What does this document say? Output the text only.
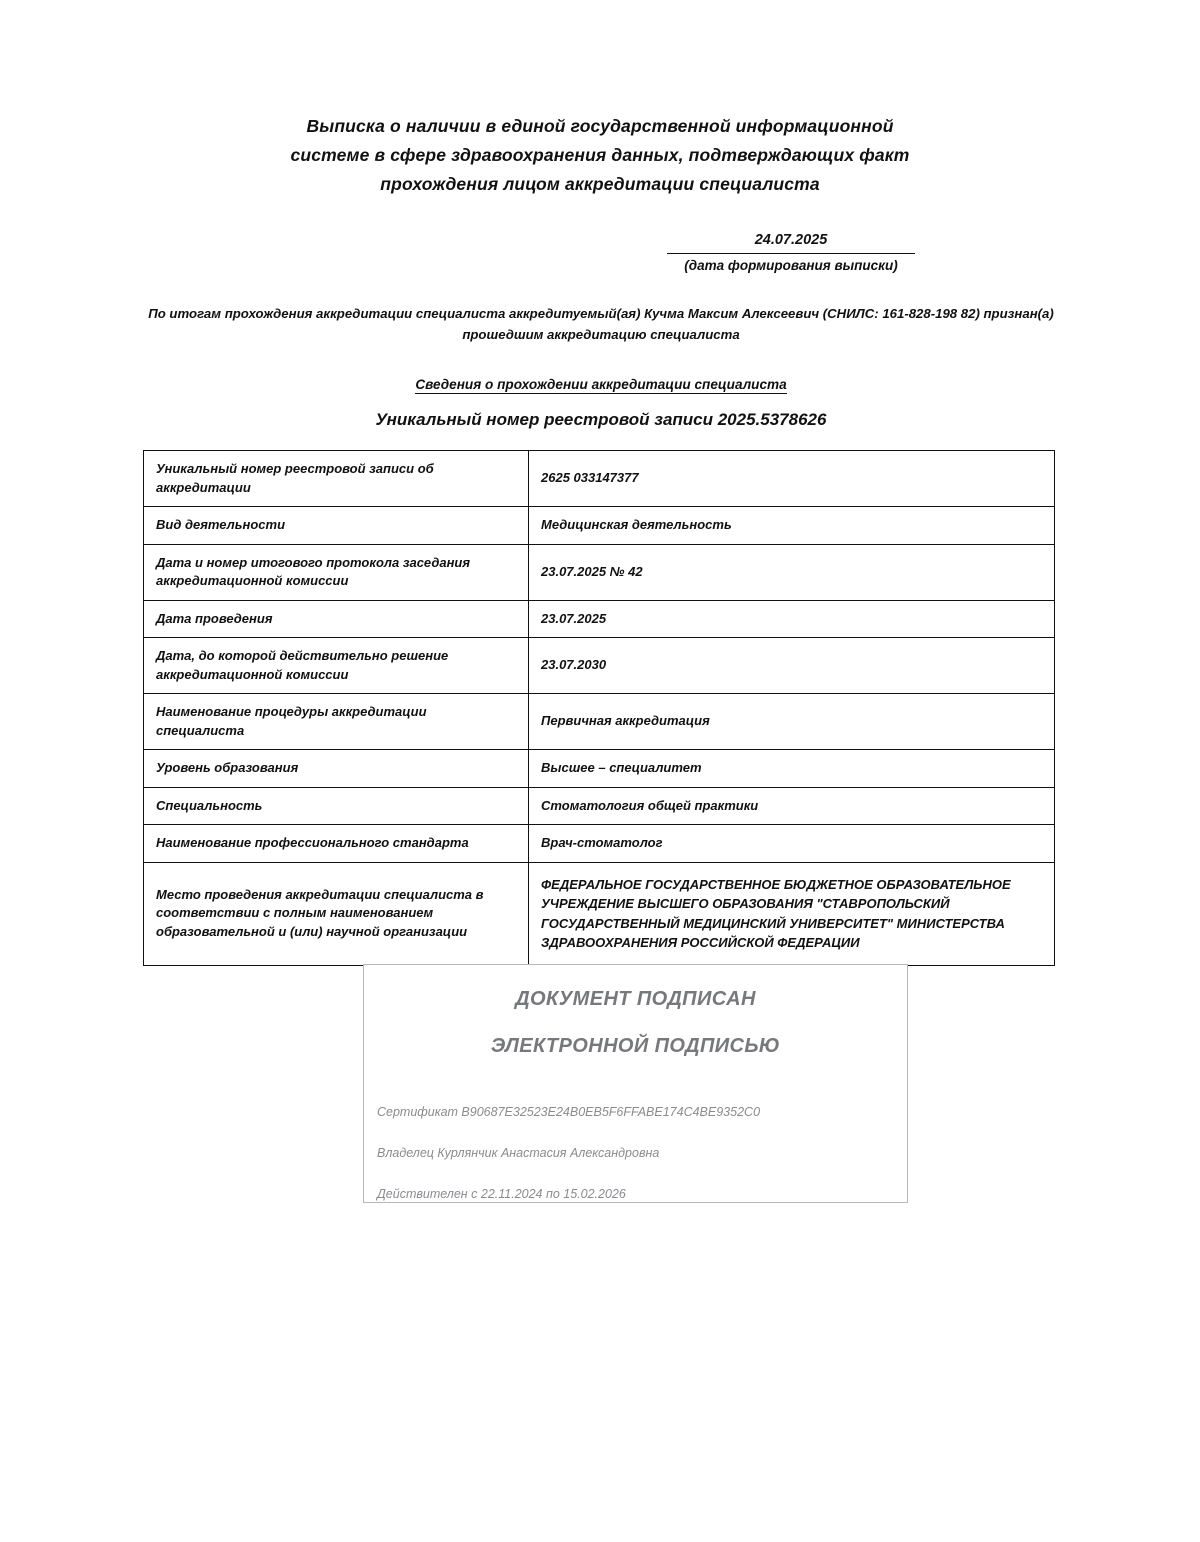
Выписка о наличии в единой государственной информационной
системе в сфере здравоохранения данных, подтверждающих факт
прохождения лицом аккредитации специалиста
24.07.2025
(дата формирования выписки)
По итогам прохождения аккредитации специалиста аккредитуемый(ая) Кучма Максим Алексеевич (СНИЛС: 161-828-198 82) признан(а) прошедшим аккредитацию специалиста
Сведения о прохождении аккредитации специалиста
Уникальный номер реестровой записи 2025.5378626
Уникальный номер реестровой записи об аккредитации	2625 033147377
Вид деятельности	Медицинская деятельность
Дата и номер итогового протокола заседания аккредитационной комиссии	23.07.2025 № 42
Дата проведения	23.07.2025
Дата, до которой действительно решение аккредитационной комиссии	23.07.2030
Наименование процедуры аккредитации специалиста	Первичная аккредитация
Уровень образования	Высшее – специалитет
Специальность	Стоматология общей практики
Наименование профессионального стандарта	Врач-стоматолог
Место проведения аккредитации специалиста в соответствии с полным наименованием образовательной и (или) научной организации	ФЕДЕРАЛЬНОЕ ГОСУДАРСТВЕННОЕ БЮДЖЕТНОЕ ОБРАЗОВАТЕЛЬНОЕ УЧРЕЖДЕНИЕ ВЫСШЕГО ОБРАЗОВАНИЯ "СТАВРОПОЛЬСКИЙ ГОСУДАРСТВЕННЫЙ МЕДИЦИНСКИЙ УНИВЕРСИТЕТ" МИНИСТЕРСТВА ЗДРАВООХРАНЕНИЯ РОССИЙСКОЙ ФЕДЕРАЦИИ
ДОКУМЕНТ ПОДПИСАН
ЭЛЕКТРОННОЙ ПОДПИСЬЮ
Сертификат B90687E32523E24B0EB5F6FFABE174C4BE9352C0
Владелец Курлянчик Анастасия Александровна
Действителен с 22.11.2024 по 15.02.2026
